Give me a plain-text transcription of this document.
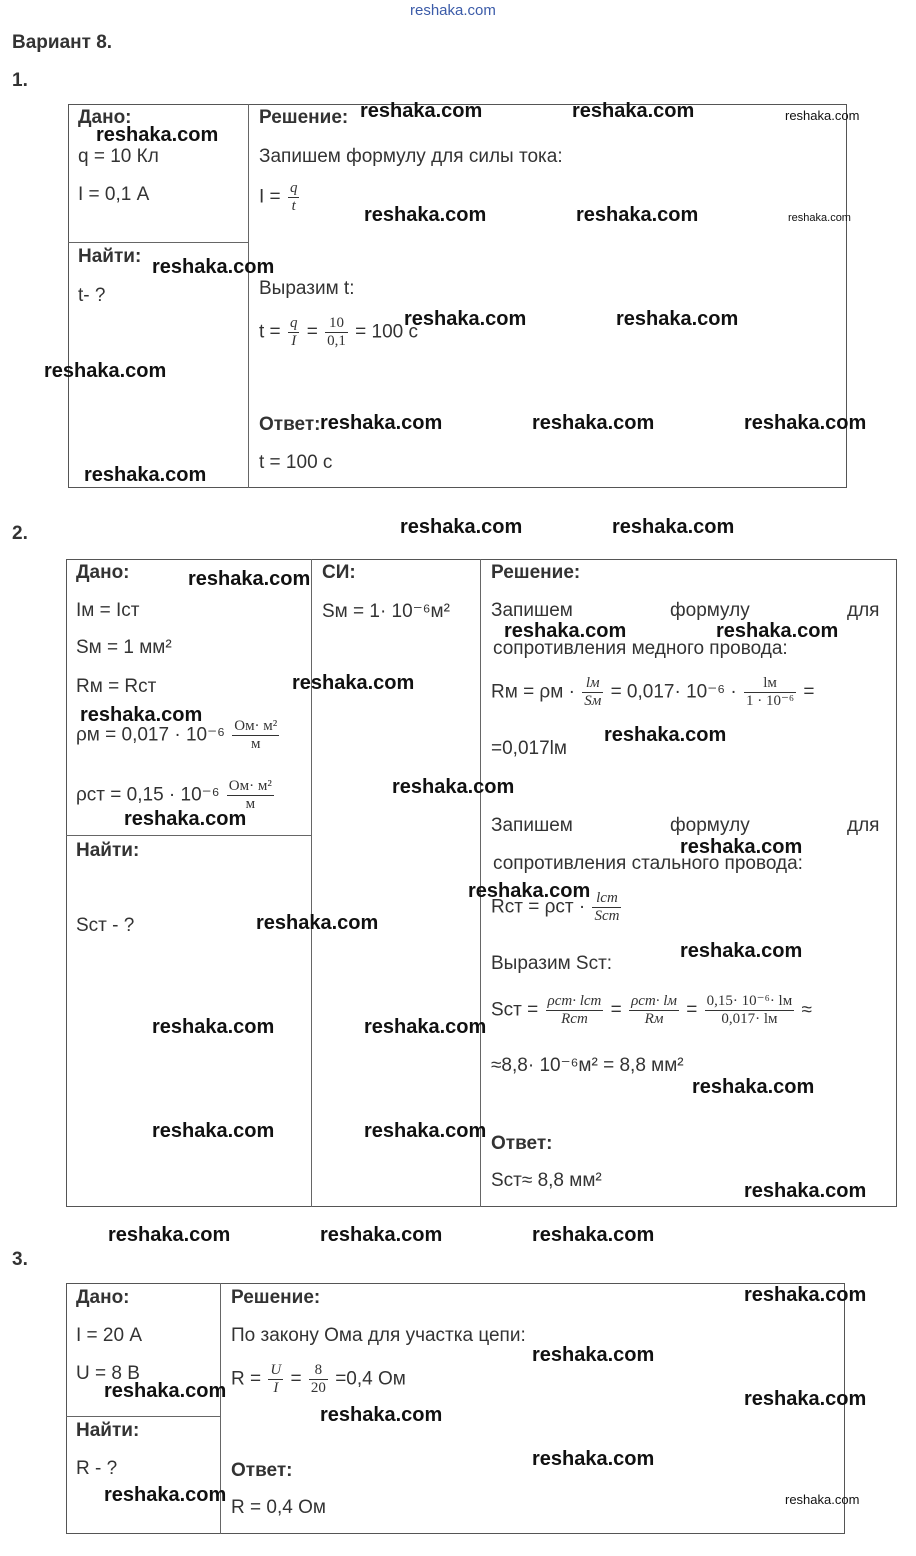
reshaka.com
Вариант 8.
1.
Дано:
q = 10 Кл
I = 0,1 А
Найти:
t- ?
Решение:
Запишем формулу для силы тока:
$I = \frac{q}{t}$
Выразим t:
$t = \frac{q}{I} = \frac{10}{0,1} = 100$ с
Ответ:
t = 100 с
2.
Дано:
Iм = Iст
Sм = 1 мм²
Rм = Rст
$\rho м = 0,017 \cdot 10^{-6} \frac{\text{Ом· м²}}{м}$
$\rho ст = 0,15 \cdot 10^{-6} \frac{\text{Ом· м²}}{м}$
Найти:
Sст - ?
СИ:
Sм = 1· 10⁻⁶м²
Решение:
Запишем	формулу	для
сопротивления медного провода:
Rм = $\rho м \cdot \frac{lм}{Sм} = 0,017\cdot 10^{-6} \cdot \frac{lм}{\text{1 · 10⁻⁶}}$ =
=0,017lм
Запишем	формулу	для
сопротивления стального провода:
Rст = $\rho ст \cdot \frac{\text{lст}}{\text{Sст}}$
Выразим Sст:
Sст = $\frac{\text{ρст· lст}}{\text{Rст}} = \frac{\text{ρст· lм}}{Rм} = \frac{\text{0,15· 10⁻⁶· lм}}{0,017\cdot lм}$ ≈
≈8,8· 10⁻⁶м² = 8,8 мм²
Ответ:
Sст≈ 8,8 мм²
3.
Дано:
I = 20 А
U = 8 В
Найти:
R - ?
Решение:
По закону Ома для участка цепи:
$R = \frac{U}{I} = \frac{8}{20} =0,4$ Ом
Ответ:
R = 0,4 Ом
reshaka.com	reshaka.com	reshaka.com
reshaka.com
reshaka.com	reshaka.com	reshaka.com
reshaka.com
reshaka.com	reshaka.com
reshaka.com
reshaka.com	reshaka.com	reshaka.com
reshaka.com
reshaka.com	reshaka.com
reshaka.com
reshaka.com	reshaka.com
reshaka.com
reshaka.com
reshaka.com
reshaka.com
reshaka.com
reshaka.com
reshaka.com
reshaka.com
reshaka.com
reshaka.com	reshaka.com
reshaka.com
reshaka.com	reshaka.com
reshaka.com
reshaka.com	reshaka.com	reshaka.com
reshaka.com
reshaka.com
reshaka.com	reshaka.com
reshaka.com
reshaka.com
reshaka.com	reshaka.com
